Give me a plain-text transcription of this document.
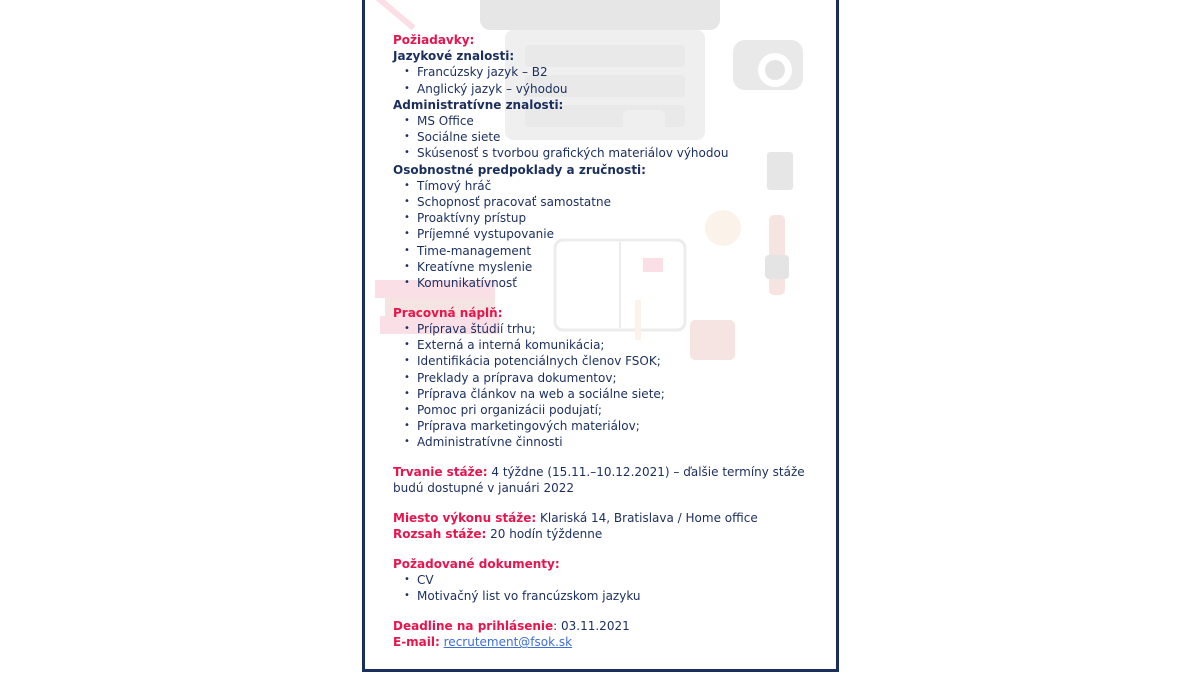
Požiadavky:
Jazykové znalosti:
• Francúzsky jazyk – B2
• Anglický jazyk – výhodou
Administratívne znalosti:
• MS Office
• Sociálne siete
• Skúsenosť s tvorbou grafických materiálov výhodou
Osobnostné predpoklady a zručnosti:
• Tímový hráč
• Schopnosť pracovať samostatne
• Proaktívny prístup
• Príjemné vystupovanie
• Time-management
• Kreatívne myslenie
• Komunikatívnosť
Pracovná náplň:
• Príprava štúdií trhu;
• Externá a interná komunikácia;
• Identifikácia potenciálnych členov FSOK;
• Preklady a príprava dokumentov;
• Príprava článkov na web a sociálne siete;
• Pomoc pri organizácii podujatí;
• Príprava marketingových materiálov;
• Administratívne činnosti
Trvanie stáže: 4 týždne (15.11.–10.12.2021) – ďalšie termíny stáže budú dostupné v januári 2022
Miesto výkonu stáže: Klariská 14, Bratislava / Home office
Rozsah stáže: 20 hodín týždenne
Požadované dokumenty:
• CV
• Motivačný list vo francúzskom jazyku
Deadline na prihlásenie: 03.11.2021
E-mail: recrutement@fsok.sk
